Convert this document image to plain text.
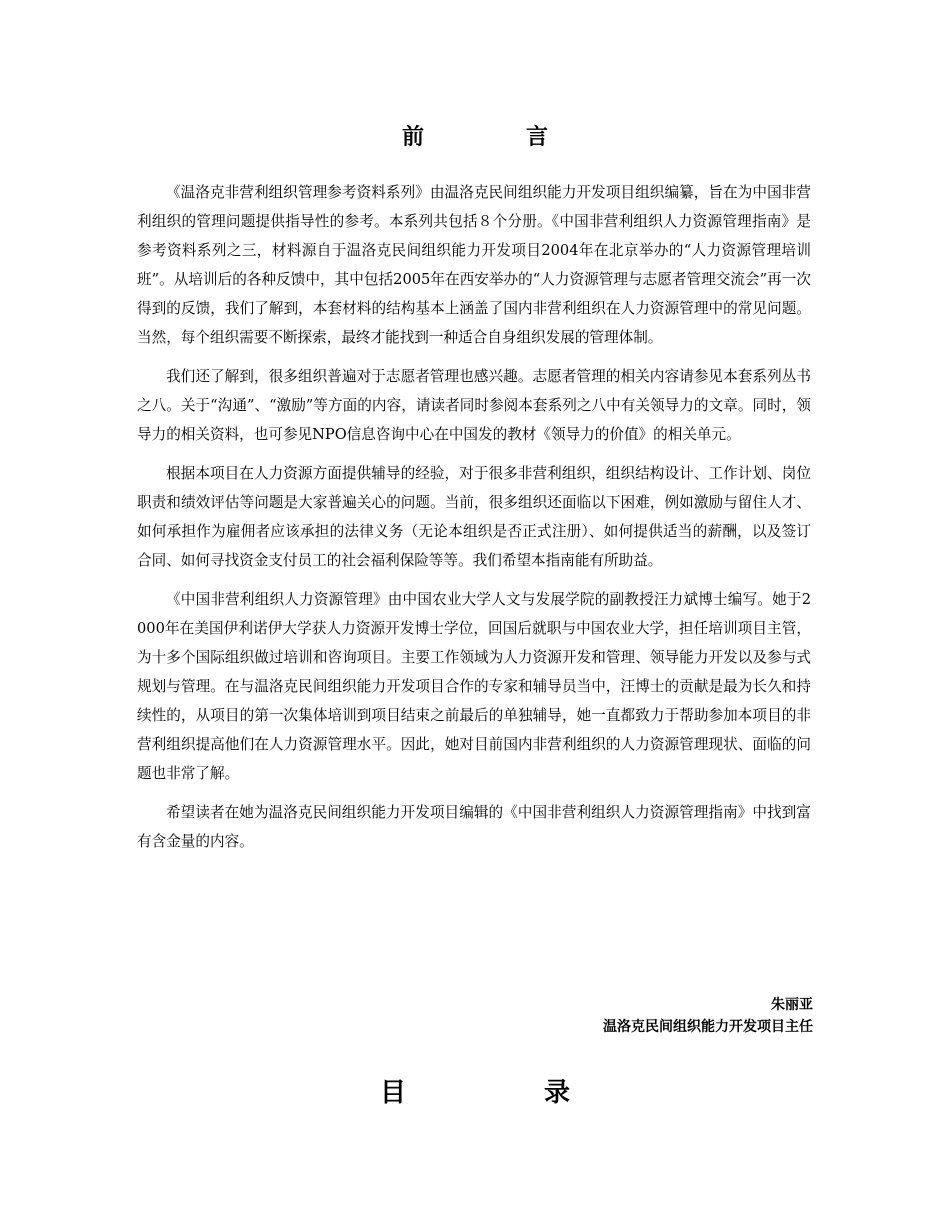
前　言

《温洛克非营利组织管理参考资料系列》由温洛克民间组织能力开发项目组织编纂，旨在为中国非营利组织的管理问题提供指导性的参考。本系列共包括８个分册。《中国非营利组织人力资源管理指南》是参考资料系列之三，材料源自于温洛克民间组织能力开发项目2004年在北京举办的“人力资源管理培训班”。从培训后的各种反馈中，其中包括2005年在西安举办的“人力资源管理与志愿者管理交流会”再一次得到的反馈，我们了解到，本套材料的结构基本上涵盖了国内非营利组织在人力资源管理中的常见问题。当然，每个组织需要不断探索，最终才能找到一种适合自身组织发展的管理体制。

我们还了解到，很多组织普遍对于志愿者管理也感兴趣。志愿者管理的相关内容请参见本套系列丛书之八。关于“沟通”、“激励”等方面的内容，请读者同时参阅本套系列之八中有关领导力的文章。同时，领导力的相关资料，也可参见NPO信息咨询中心在中国发的教材《领导力的价值》的相关单元。

根据本项目在人力资源方面提供辅导的经验，对于很多非营利组织，组织结构设计、工作计划、岗位职责和绩效评估等问题是大家普遍关心的问题。当前，很多组织还面临以下困难，例如激励与留住人才、如何承担作为雇佣者应该承担的法律义务（无论本组织是否正式注册）、如何提供适当的薪酬，以及签订合同、如何寻找资金支付员工的社会福利保险等等。我们希望本指南能有所助益。

《中国非营利组织人力资源管理》由中国农业大学人文与发展学院的副教授汪力斌博士编写。她于2000年在美国伊利诺伊大学获人力资源开发博士学位，回国后就职与中国农业大学，担任培训项目主管，为十多个国际组织做过培训和咨询项目。主要工作领域为人力资源开发和管理、领导能力开发以及参与式规划与管理。在与温洛克民间组织能力开发项目合作的专家和辅导员当中，汪博士的贡献是最为长久和持续性的，从项目的第一次集体培训到项目结束之前最后的单独辅导，她一直都致力于帮助参加本项目的非营利组织提高他们在人力资源管理水平。因此，她对目前国内非营利组织的人力资源管理现状、面临的问题也非常了解。

希望读者在她为温洛克民间组织能力开发项目编辑的《中国非营利组织人力资源管理指南》中找到富有含金量的内容。

朱丽亚
温洛克民间组织能力开发项目主任
目　录
